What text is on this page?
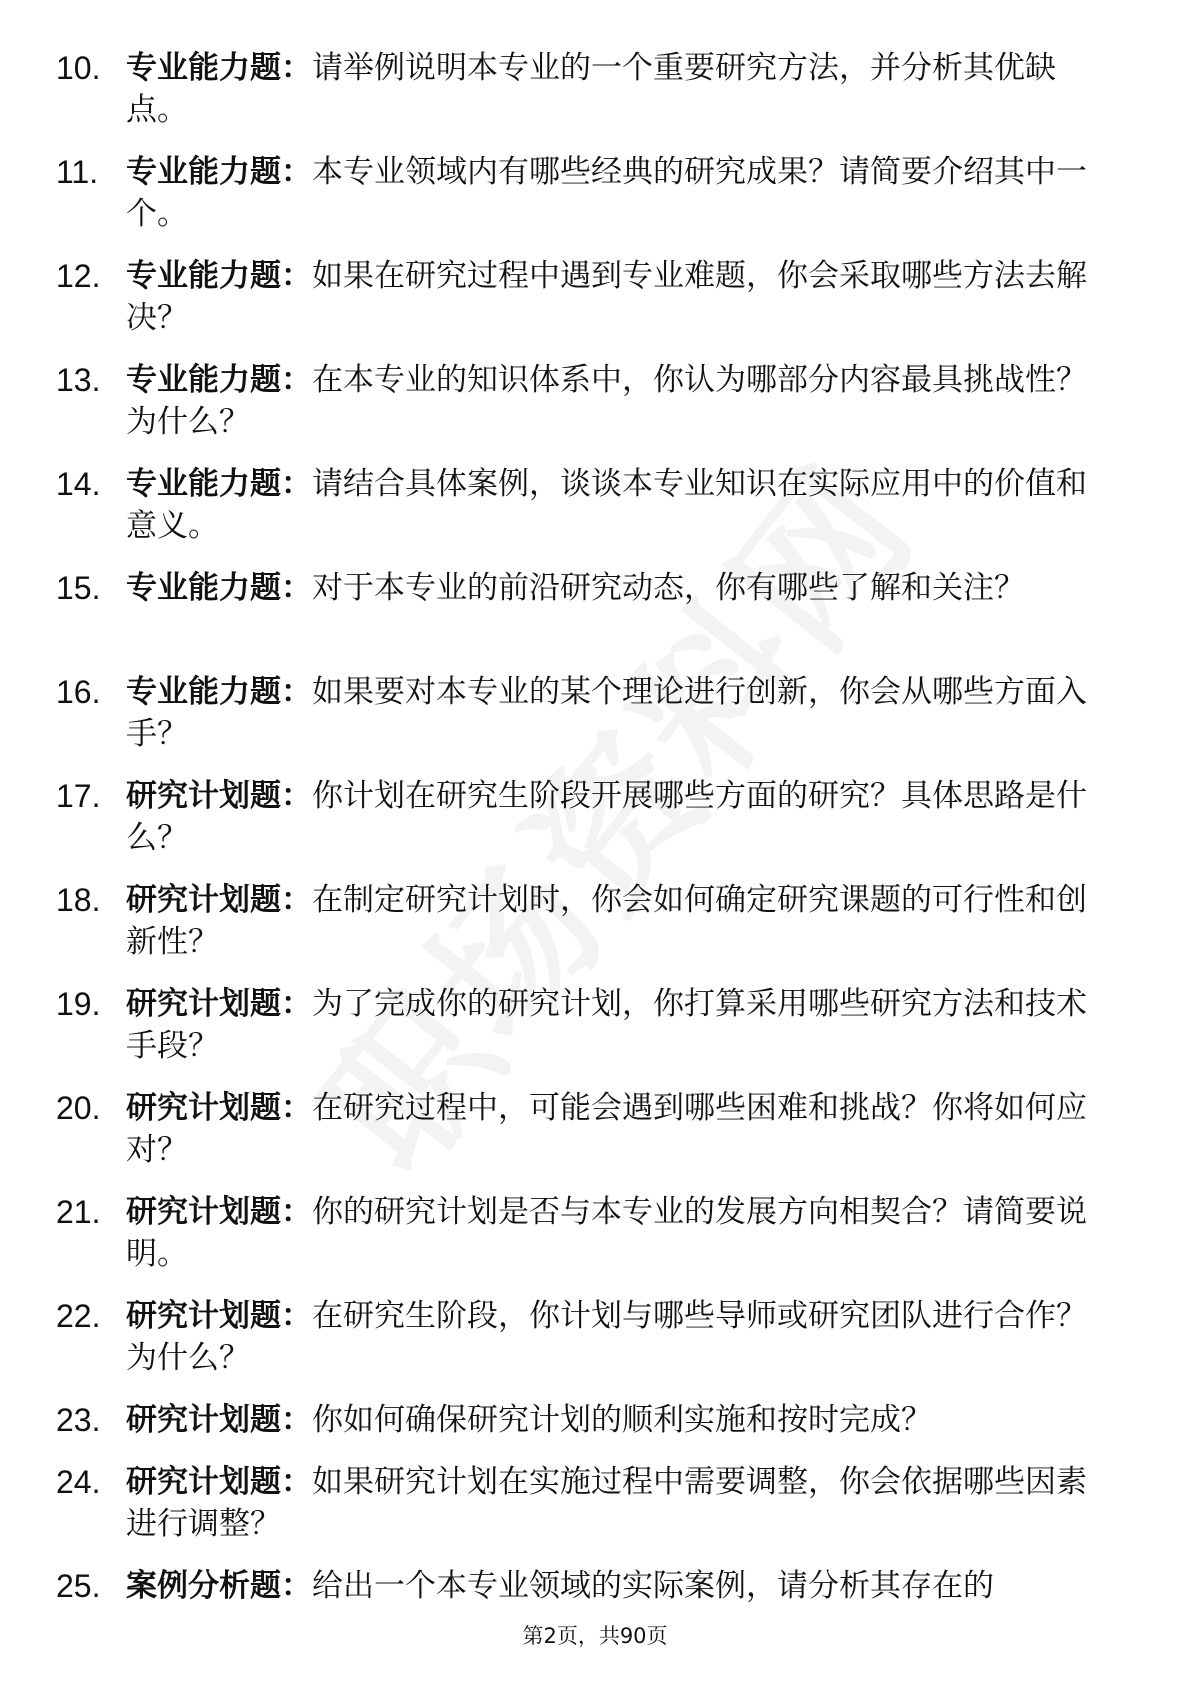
10. 专业能力题：请举例说明本专业的一个重要研究方法，并分析其优缺点。
11. 专业能力题：本专业领域内有哪些经典的研究成果？请简要介绍其中一个。
12. 专业能力题：如果在研究过程中遇到专业难题，你会采取哪些方法去解决？
13. 专业能力题：在本专业的知识体系中，你认为哪部分内容最具挑战性？为什么？
14. 专业能力题：请结合具体案例，谈谈本专业知识在实际应用中的价值和意义。
15. 专业能力题：对于本专业的前沿研究动态，你有哪些了解和关注？
16. 专业能力题：如果要对本专业的某个理论进行创新，你会从哪些方面入手？
17. 研究计划题：你计划在研究生阶段开展哪些方面的研究？具体思路是什么？
18. 研究计划题：在制定研究计划时，你会如何确定研究课题的可行性和创新性？
19. 研究计划题：为了完成你的研究计划，你打算采用哪些研究方法和技术手段？
20. 研究计划题：在研究过程中，可能会遇到哪些困难和挑战？你将如何应对？
21. 研究计划题：你的研究计划是否与本专业的发展方向相契合？请简要说明。
22. 研究计划题：在研究生阶段，你计划与哪些导师或研究团队进行合作？为什么？
23. 研究计划题：你如何确保研究计划的顺利实施和按时完成？
24. 研究计划题：如果研究计划在实施过程中需要调整，你会依据哪些因素进行调整？
25. 案例分析题：给出一个本专业领域的实际案例，请分析其存在的
第2页，共90页
